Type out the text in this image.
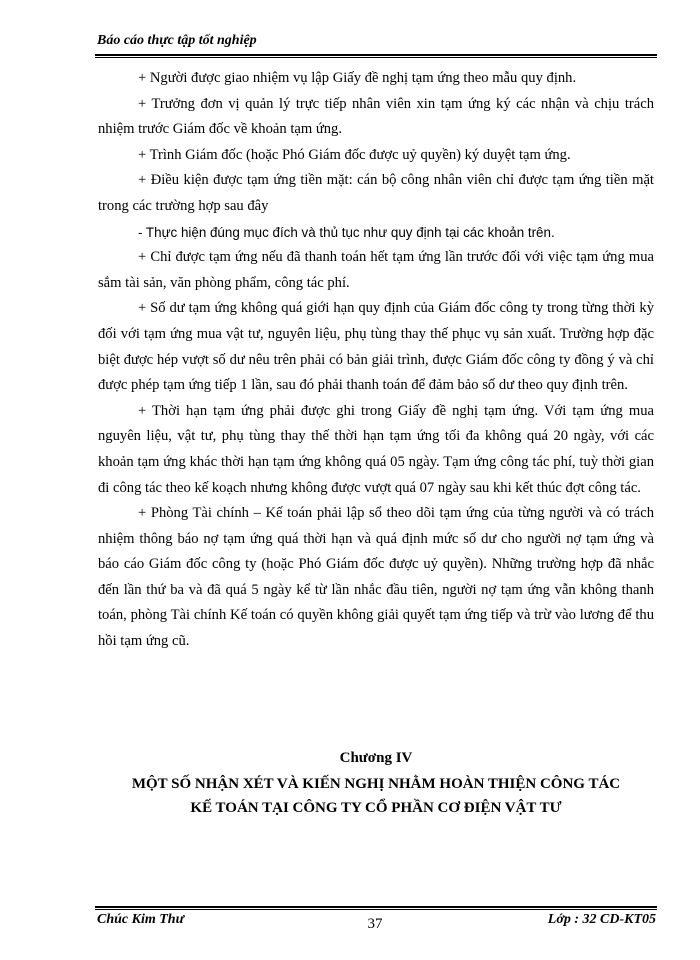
Báo cáo thực tập tốt nghiệp

+ Người được giao nhiệm vụ lập Giấy đề nghị tạm ứng theo mẫu quy định.

+ Trưởng đơn vị quản lý trực tiếp nhân viên xin tạm ứng ký các nhận và chịu trách nhiệm trước Giám đốc về khoản tạm ứng.

+ Trình Giám đốc (hoặc Phó Giám đốc được uỷ quyền) ký duyệt tạm ứng.

+ Điều kiện được tạm ứng tiền mặt: cán bộ công nhân viên chỉ được tạm ứng tiền mặt trong các trường hợp sau đây

- Thực hiện đúng mục đích và thủ tục như quy định tại các khoản trên.

+ Chỉ được tạm ứng nếu đã thanh toán hết tạm ứng lần trước đối với việc tạm ứng mua sắm tài sản, văn phòng phẩm, công tác phí.

+ Số dư tạm ứng không quá giới hạn quy định của Giám đốc công ty trong từng thời kỳ đối với tạm ứng mua vật tư, nguyên liệu, phụ tùng thay thế phục vụ sản xuất. Trường hợp đặc biệt được hép vượt số dư nêu trên phải có bản giải trình, được Giám đốc công ty đồng ý và chỉ được phép tạm ứng tiếp 1 lần, sau đó phải thanh toán để đảm bảo số dư theo quy định trên.

+ Thời hạn tạm ứng phải được ghi trong Giấy đề nghị tạm ứng. Với tạm ứng mua nguyên liệu, vật tư, phụ tùng thay thế thời hạn tạm ứng tối đa không quá 20 ngày, với các khoản tạm ứng khác thời hạn tạm ứng không quá 05 ngày. Tạm ứng công tác phí, tuỳ thời gian đi công tác theo kế koạch nhưng không được vượt quá 07 ngày sau khi kết thúc đợt công tác.

+ Phòng Tài chính – Kế toán phải lập sổ theo dõi tạm ứng của từng người và có trách nhiệm thông báo nợ tạm ứng quá thời hạn và quá định mức số dư cho người nợ tạm ứng và báo cáo Giám đốc công ty (hoặc Phó Giám đốc được uỷ quyền). Những trường hợp đã nhắc đến lần thứ ba và đã quá 5 ngày kể từ lần nhắc đầu tiên, người nợ tạm ứng vẫn không thanh toán, phòng Tài chính Kế toán có quyền không giải quyết tạm ứng tiếp và trừ vào lương để thu hồi tạm ứng cũ.

Chương IV
MỘT SỐ NHẬN XÉT VÀ KIẾN NGHỊ NHẰM HOÀN THIỆN CÔNG TÁC
KẾ TOÁN TẠI CÔNG TY CỔ PHẦN CƠ ĐIỆN VẬT TƯ
Chúc Kim Thư	37	Lớp : 32 CD-KT05
